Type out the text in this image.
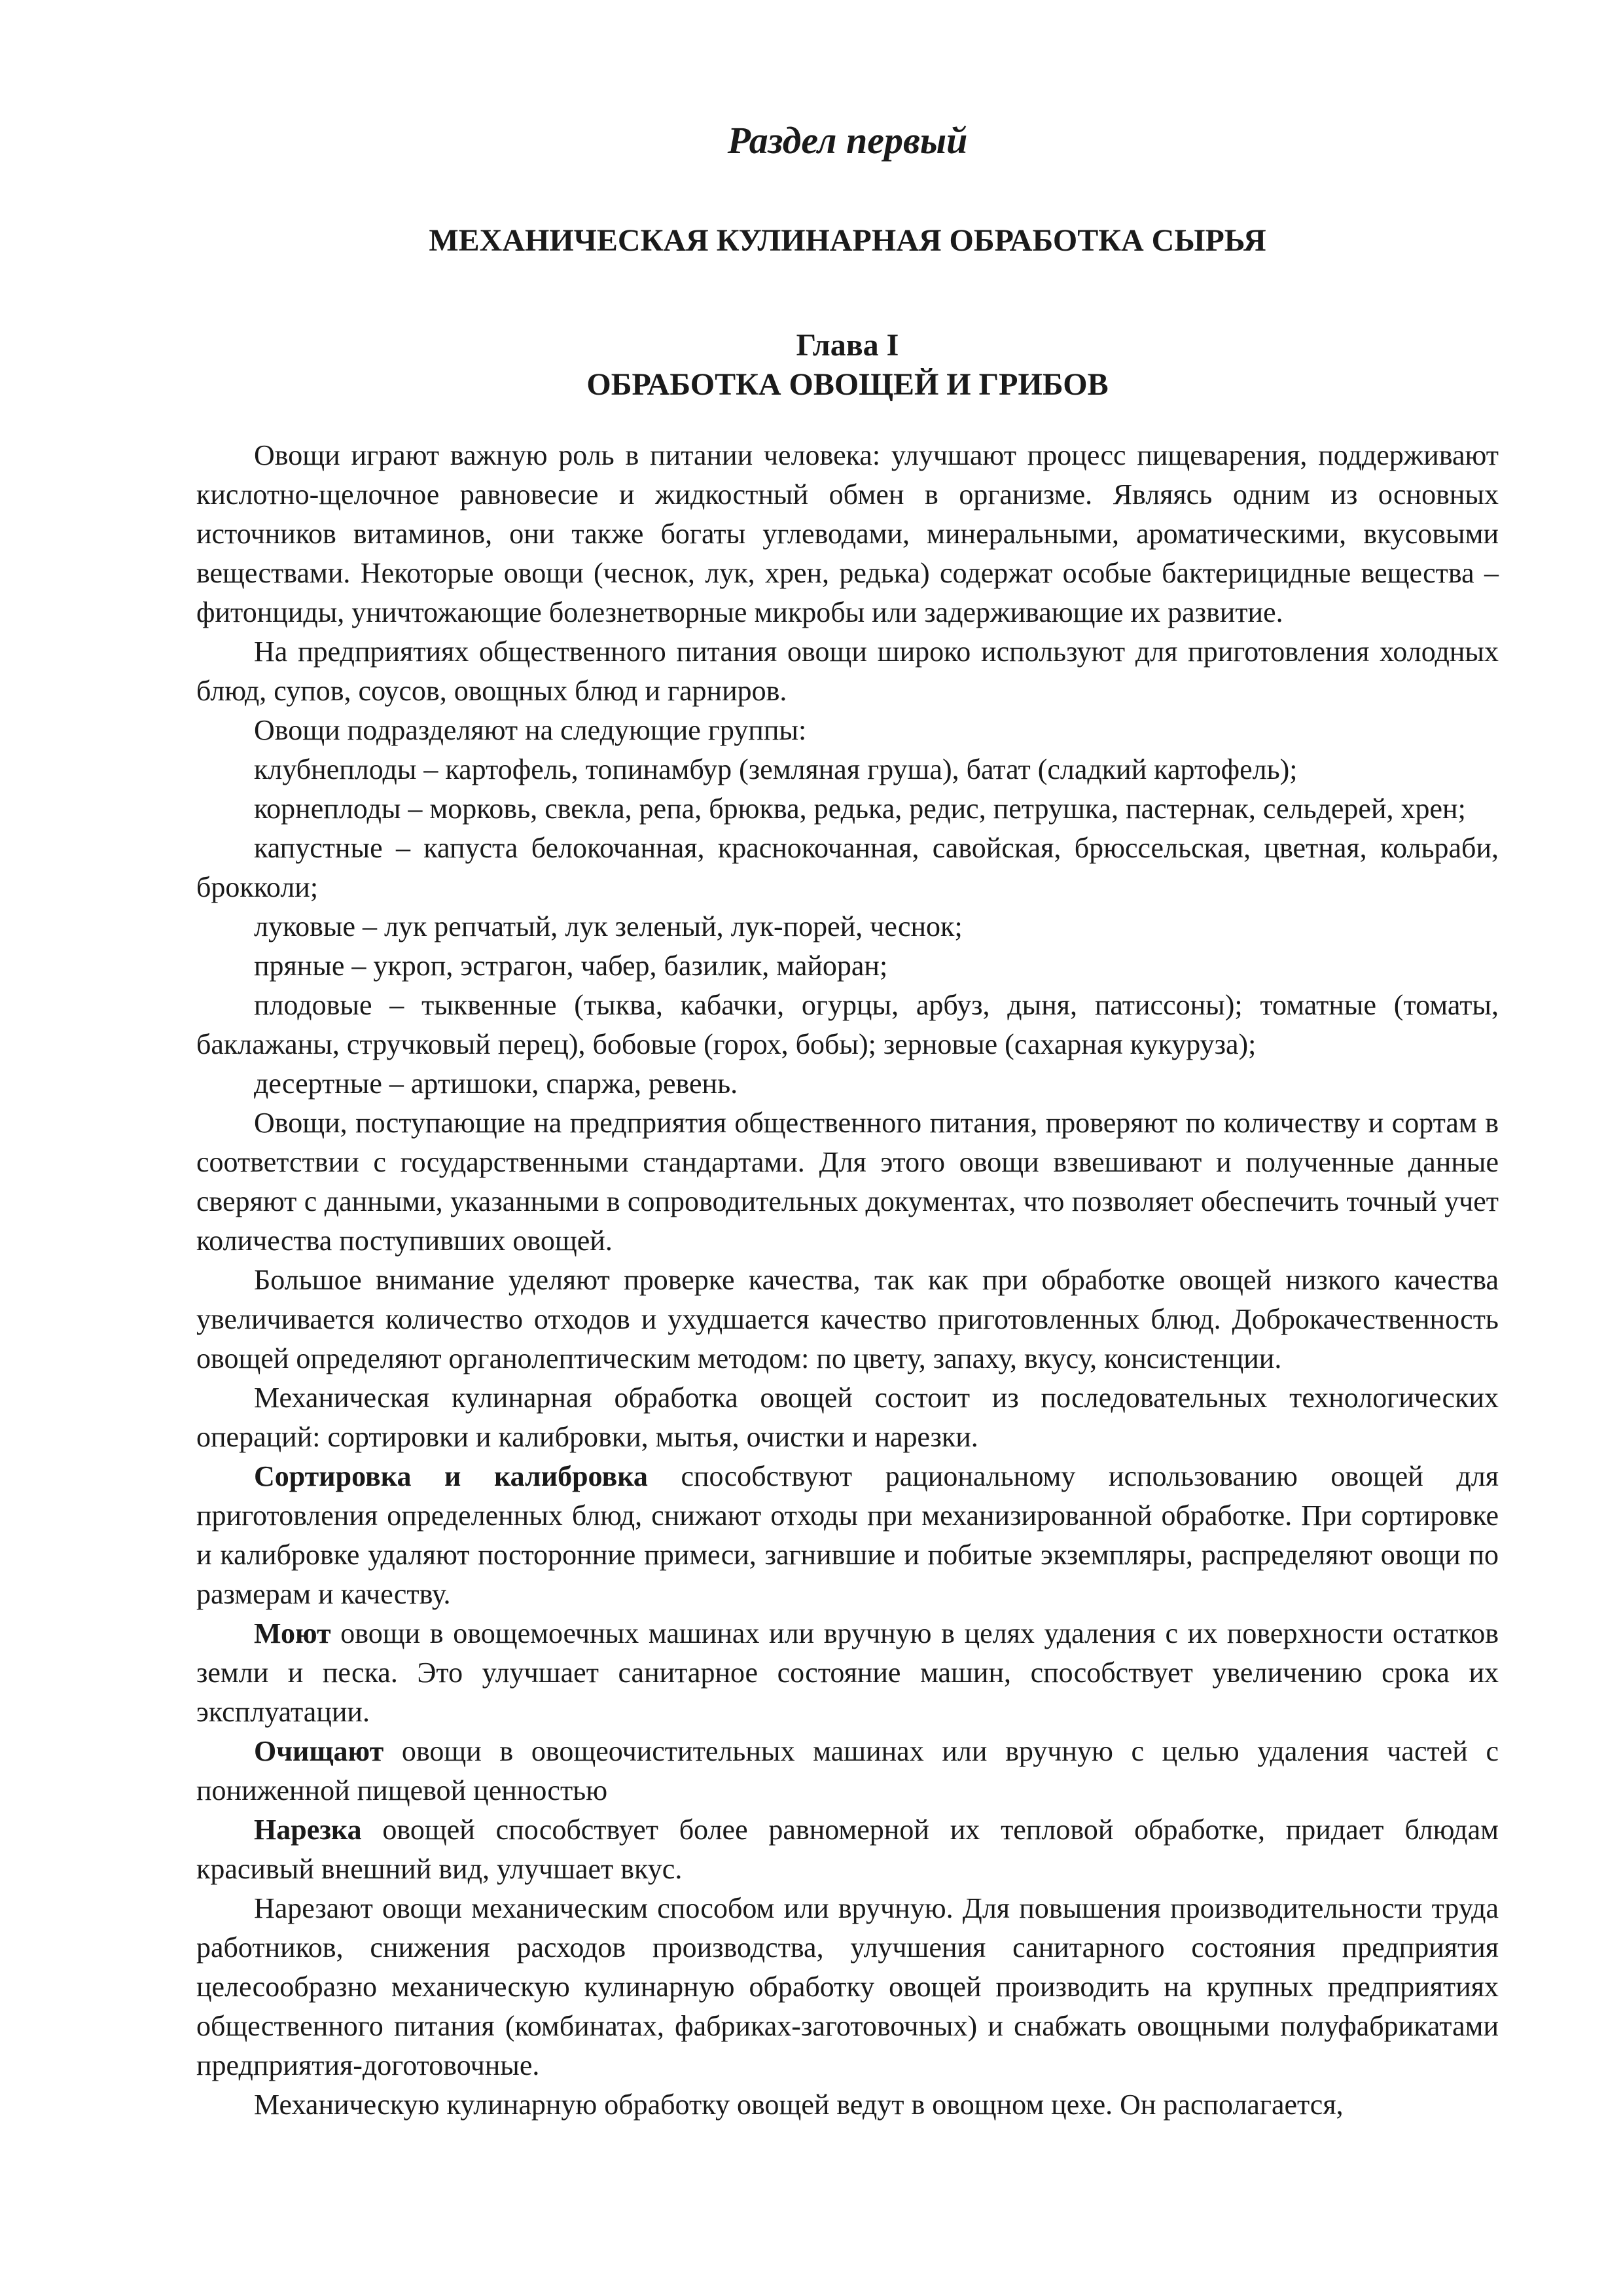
Раздел первый
МЕХАНИЧЕСКАЯ КУЛИНАРНАЯ ОБРАБОТКА СЫРЬЯ
Глава I
ОБРАБОТКА ОВОЩЕЙ И ГРИБОВ

Овощи играют важную роль в питании человека: улучшают процесс пищеварения, поддерживают кислотно-щелочное равновесие и жидкостный обмен в организме. Являясь одним из основных источников витаминов, они также богаты углеводами, минеральными, ароматическими, вкусовыми веществами. Некоторые овощи (чеснок, лук, хрен, редька) содержат особые бактерицидные вещества – фитонциды, уничтожающие болезнетворные микробы или задерживающие их развитие.

На предприятиях общественного питания овощи широко используют для приготовления холодных блюд, супов, соусов, овощных блюд и гарниров.

Овощи подразделяют на следующие группы:

клубнеплоды – картофель, топинамбур (земляная груша), батат (сладкий картофель);

корнеплоды – морковь, свекла, репа, брюква, редька, редис, петрушка, пастернак, сельдерей, хрен;

капустные – капуста белокочанная, краснокочанная, савойская, брюссельская, цветная, кольраби, брокколи;

луковые – лук репчатый, лук зеленый, лук-порей, чеснок;

пряные – укроп, эстрагон, чабер, базилик, майоран;

плодовые – тыквенные (тыква, кабачки, огурцы, арбуз, дыня, патиссоны); томатные (томаты, баклажаны, стручковый перец), бобовые (горох, бобы); зерновые (сахарная кукуруза);

десертные – артишоки, спаржа, ревень.

Овощи, поступающие на предприятия общественного питания, проверяют по количеству и сортам в соответствии с государственными стандартами. Для этого овощи взвешивают и полученные данные сверяют с данными, указанными в сопроводительных документах, что позволяет обеспечить точный учет количества поступивших овощей.

Большое внимание уделяют проверке качества, так как при обработке овощей низкого качества увеличивается количество отходов и ухудшается качество приготовленных блюд. Доброкачественность овощей определяют органолептическим методом: по цвету, запаху, вкусу, консистенции.

Механическая кулинарная обработка овощей состоит из последовательных технологических операций: сортировки и калибровки, мытья, очистки и нарезки.

Сортировка и калибровка способствуют рациональному использованию овощей для приготовления определенных блюд, снижают отходы при механизированной обработке. При сортировке и калибровке удаляют посторонние примеси, загнившие и побитые экземпляры, распределяют овощи по размерам и качеству.

Моют овощи в овощемоечных машинах или вручную в целях удаления с их поверхности остатков земли и песка. Это улучшает санитарное состояние машин, способствует увеличению срока их эксплуатации.

Очищают овощи в овощеочистительных машинах или вручную с целью удаления частей с пониженной пищевой ценностью

Нарезка овощей способствует более равномерной их тепловой обработке, придает блюдам красивый внешний вид, улучшает вкус.

Нарезают овощи механическим способом или вручную. Для повышения производительности труда работников, снижения расходов производства, улучшения санитарного состояния предприятия целесообразно механическую кулинарную обработку овощей производить на крупных предприятиях общественного питания (комбинатах, фабриках-заготовочных) и снабжать овощными полуфабрикатами предприятия-доготовочные.

Механическую кулинарную обработку овощей ведут в овощном цехе. Он располагается,
